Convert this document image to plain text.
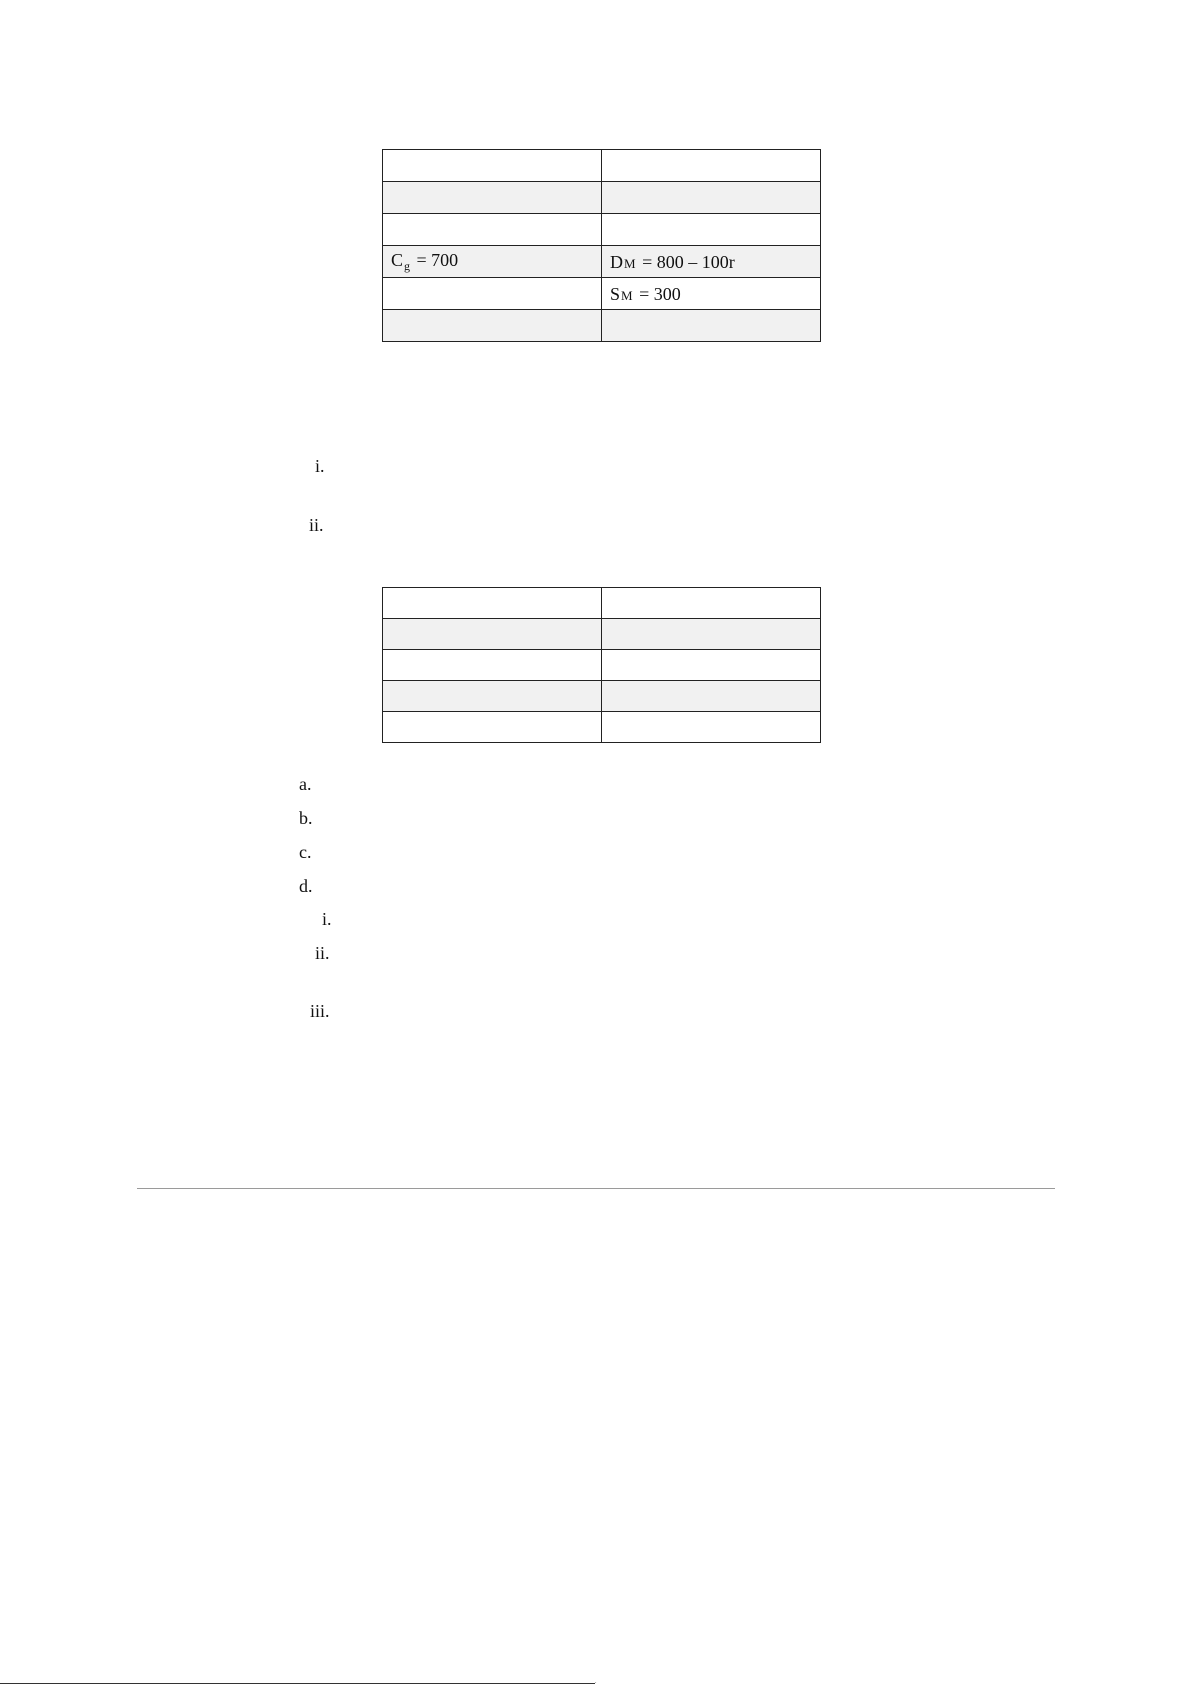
$C_g = 700$	DM = 800 – 100r
	SM = 300

i.
ii.

a.
b.
c.
d.
i.
ii.
iii.
.
